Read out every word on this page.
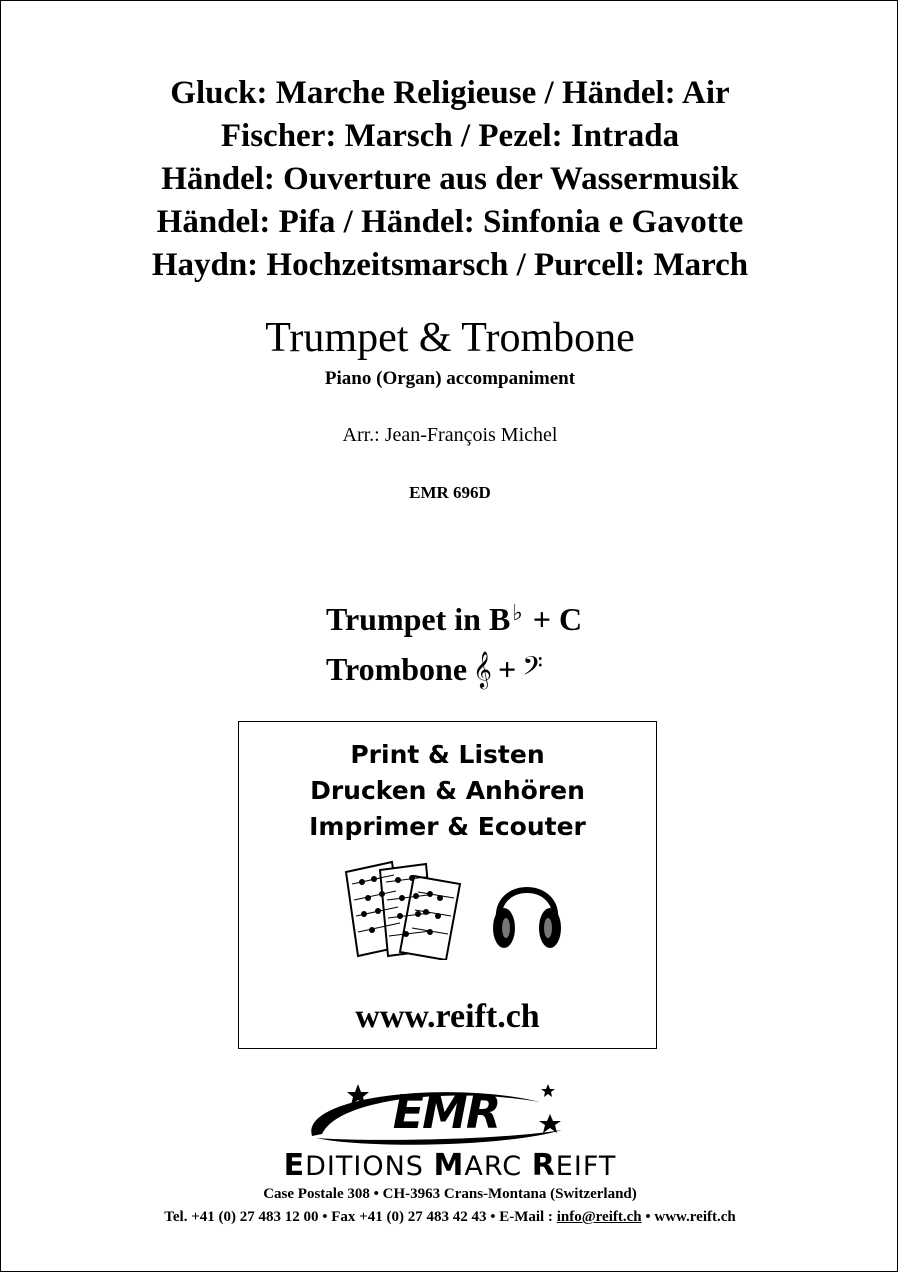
Gluck: Marche Religieuse / Händel: Air
Fischer: Marsch / Pezel: Intrada
Händel: Ouverture aus der Wassermusik
Händel: Pifa / Händel: Sinfonia e Gavotte
Haydn: Hochzeitsmarsch / Purcell: March
Trumpet & Trombone
Piano (Organ) accompaniment
Arr.: Jean-François Michel
EMR 696D
Trumpet in B♭
+ C
Trombone 𝄞 + 𝄢
Print & Listen
Drucken & Anhören
Imprimer & Ecouter
www.reift.ch
EMR
EDITIONS MARC REIFT
Case Postale 308 • CH-3963 Crans-Montana (Switzerland)
Tel. +41 (0) 27 483 12 00 • Fax +41 (0) 27 483 42 43 • E-Mail : info@reift.ch • www.reift.ch
